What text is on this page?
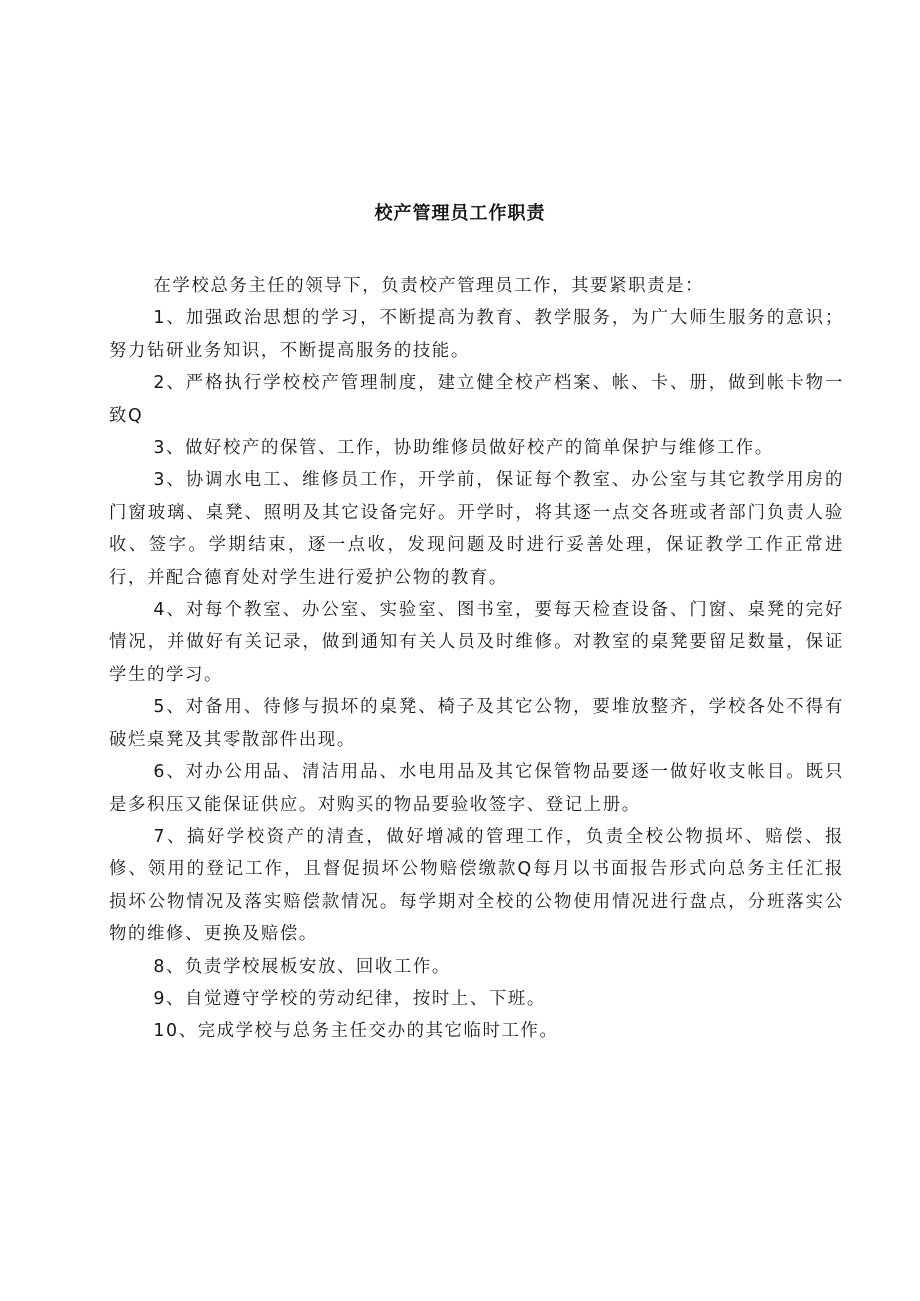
校产管理员工作职责

在学校总务主任的领导下，负责校产管理员工作，其要紧职责是：

1、加强政治思想的学习，不断提高为教育、教学服务，为广大师生服务的意识；努力钻研业务知识，不断提高服务的技能。

2、严格执行学校校产管理制度，建立健全校产档案、帐、卡、册，做到帐卡物一致Q

3、做好校产的保管、工作，协助维修员做好校产的简单保护与维修工作。

3、协调水电工、维修员工作，开学前，保证每个教室、办公室与其它教学用房的门窗玻璃、桌凳、照明及其它设备完好。开学时，将其逐一点交各班或者部门负责人验收、签字。学期结束，逐一点收，发现问题及时进行妥善处理，保证教学工作正常进行，并配合德育处对学生进行爱护公物的教育。

4、对每个教室、办公室、实验室、图书室，要每天检查设备、门窗、桌凳的完好情况，并做好有关记录，做到通知有关人员及时维修。对教室的桌凳要留足数量，保证学生的学习。

5、对备用、待修与损坏的桌凳、椅子及其它公物，要堆放整齐，学校各处不得有破烂桌凳及其零散部件出现。

6、对办公用品、清洁用品、水电用品及其它保管物品要逐一做好收支帐目。既只是多积压又能保证供应。对购买的物品要验收签字、登记上册。

7、搞好学校资产的清查，做好增减的管理工作，负责全校公物损坏、赔偿、报修、领用的登记工作，且督促损坏公物赔偿缴款Q每月以书面报告形式向总务主任汇报损坏公物情况及落实赔偿款情况。每学期对全校的公物使用情况进行盘点，分班落实公物的维修、更换及赔偿。

8、负责学校展板安放、回收工作。

9、自觉遵守学校的劳动纪律，按时上、下班。

10、完成学校与总务主任交办的其它临时工作。
